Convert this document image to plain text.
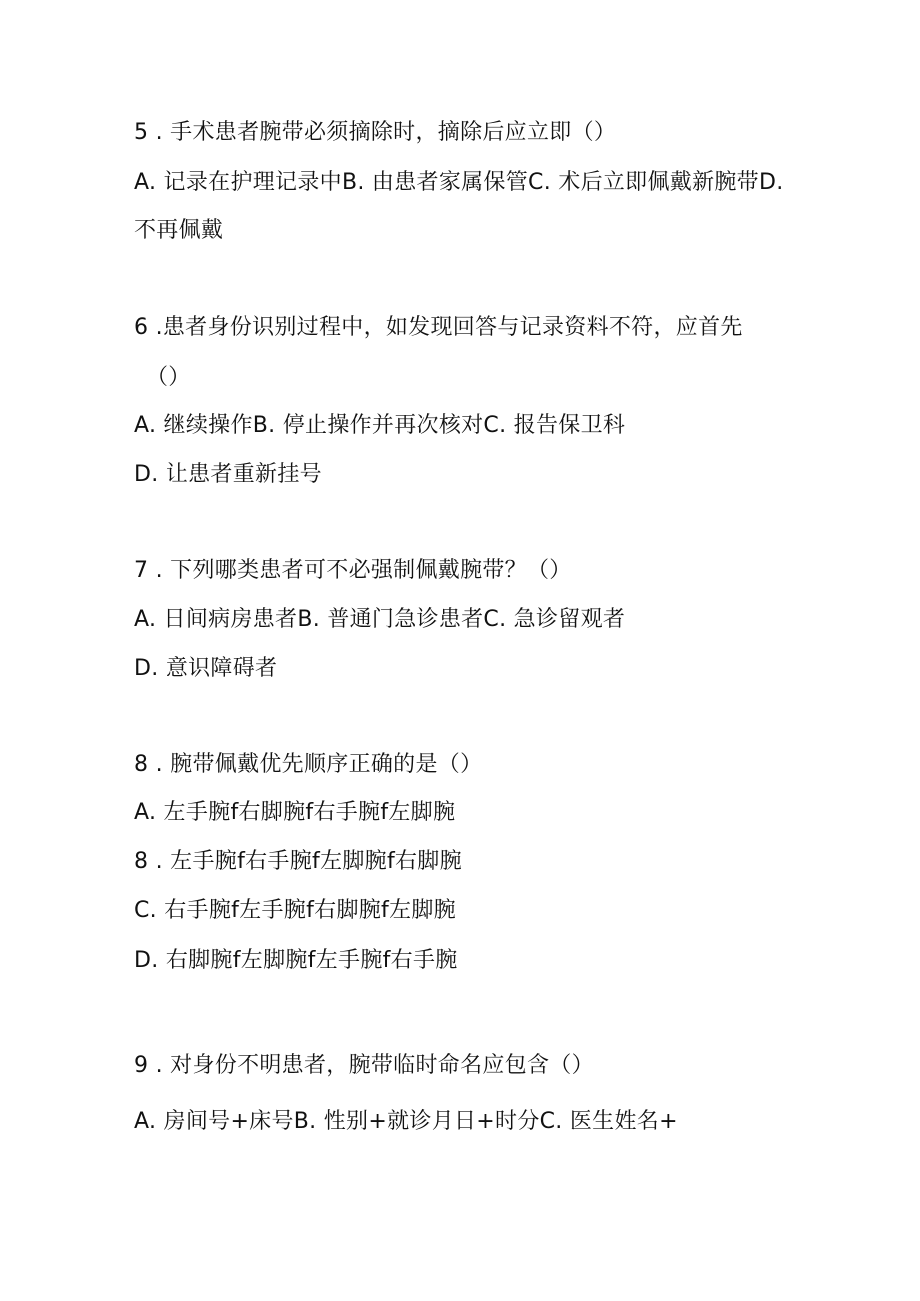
5 . 手术患者腕带必须摘除时，摘除后应立即（）
A. 记录在护理记录中B. 由患者家属保管C. 术后立即佩戴新腕带D.
不再佩戴
6 .患者身份识别过程中，如发现回答与记录资料不符，应首先
（）
A. 继续操作B. 停止操作并再次核对C. 报告保卫科
D. 让患者重新挂号
7 . 下列哪类患者可不必强制佩戴腕带？（）
A. 日间病房患者B. 普通门急诊患者C. 急诊留观者
D. 意识障碍者
8 . 腕带佩戴优先顺序正确的是（）
A. 左手腕f右脚腕f右手腕f左脚腕
8 . 左手腕f右手腕f左脚腕f右脚腕
C. 右手腕f左手腕f右脚腕f左脚腕
D. 右脚腕f左脚腕f左手腕f右手腕
9 . 对身份不明患者，腕带临时命名应包含（）
A. 房间号+床号B. 性别+就诊月日+时分C. 医生姓名+
